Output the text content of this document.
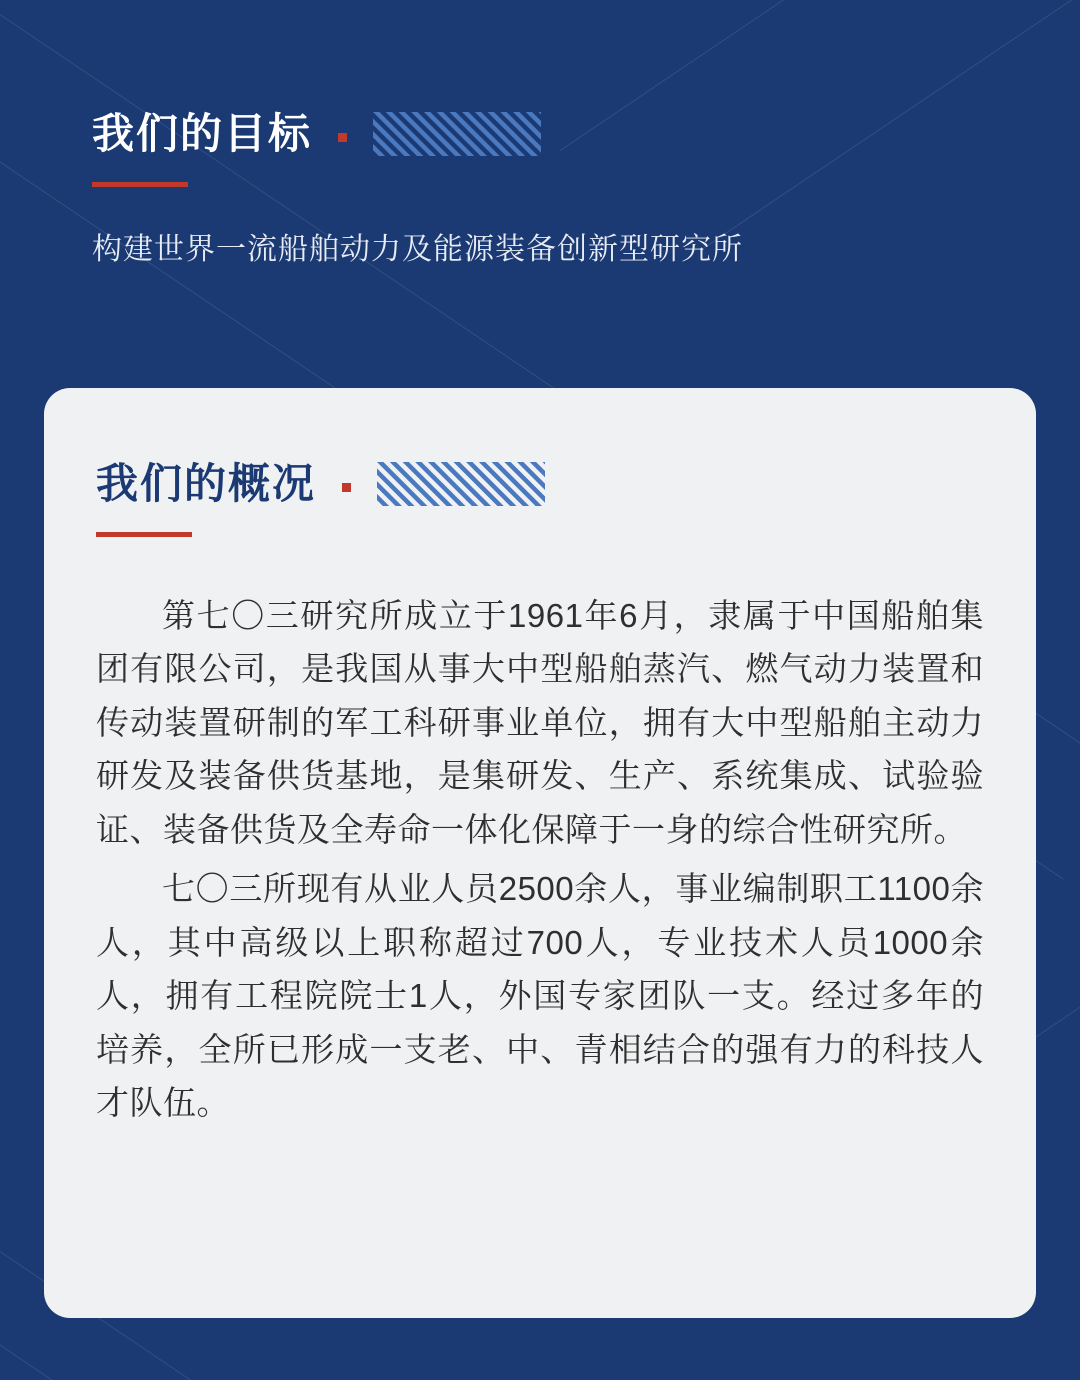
我们的目标
构建世界一流船舶动力及能源装备创新型研究所
我们的概况

第七〇三研究所成立于1961年6月，隶属于中国船舶集团有限公司，是我国从事大中型船舶蒸汽、燃气动力装置和传动装置研制的军工科研事业单位，拥有大中型船舶主动力研发及装备供货基地，是集研发、生产、系统集成、试验验证、装备供货及全寿命一体化保障于一身的综合性研究所。

七〇三所现有从业人员2500余人，事业编制职工1100余人，其中高级以上职称超过700人，专业技术人员1000余人，拥有工程院院士1人，外国专家团队一支。经过多年的培养，全所已形成一支老、中、青相结合的强有力的科技人才队伍。
